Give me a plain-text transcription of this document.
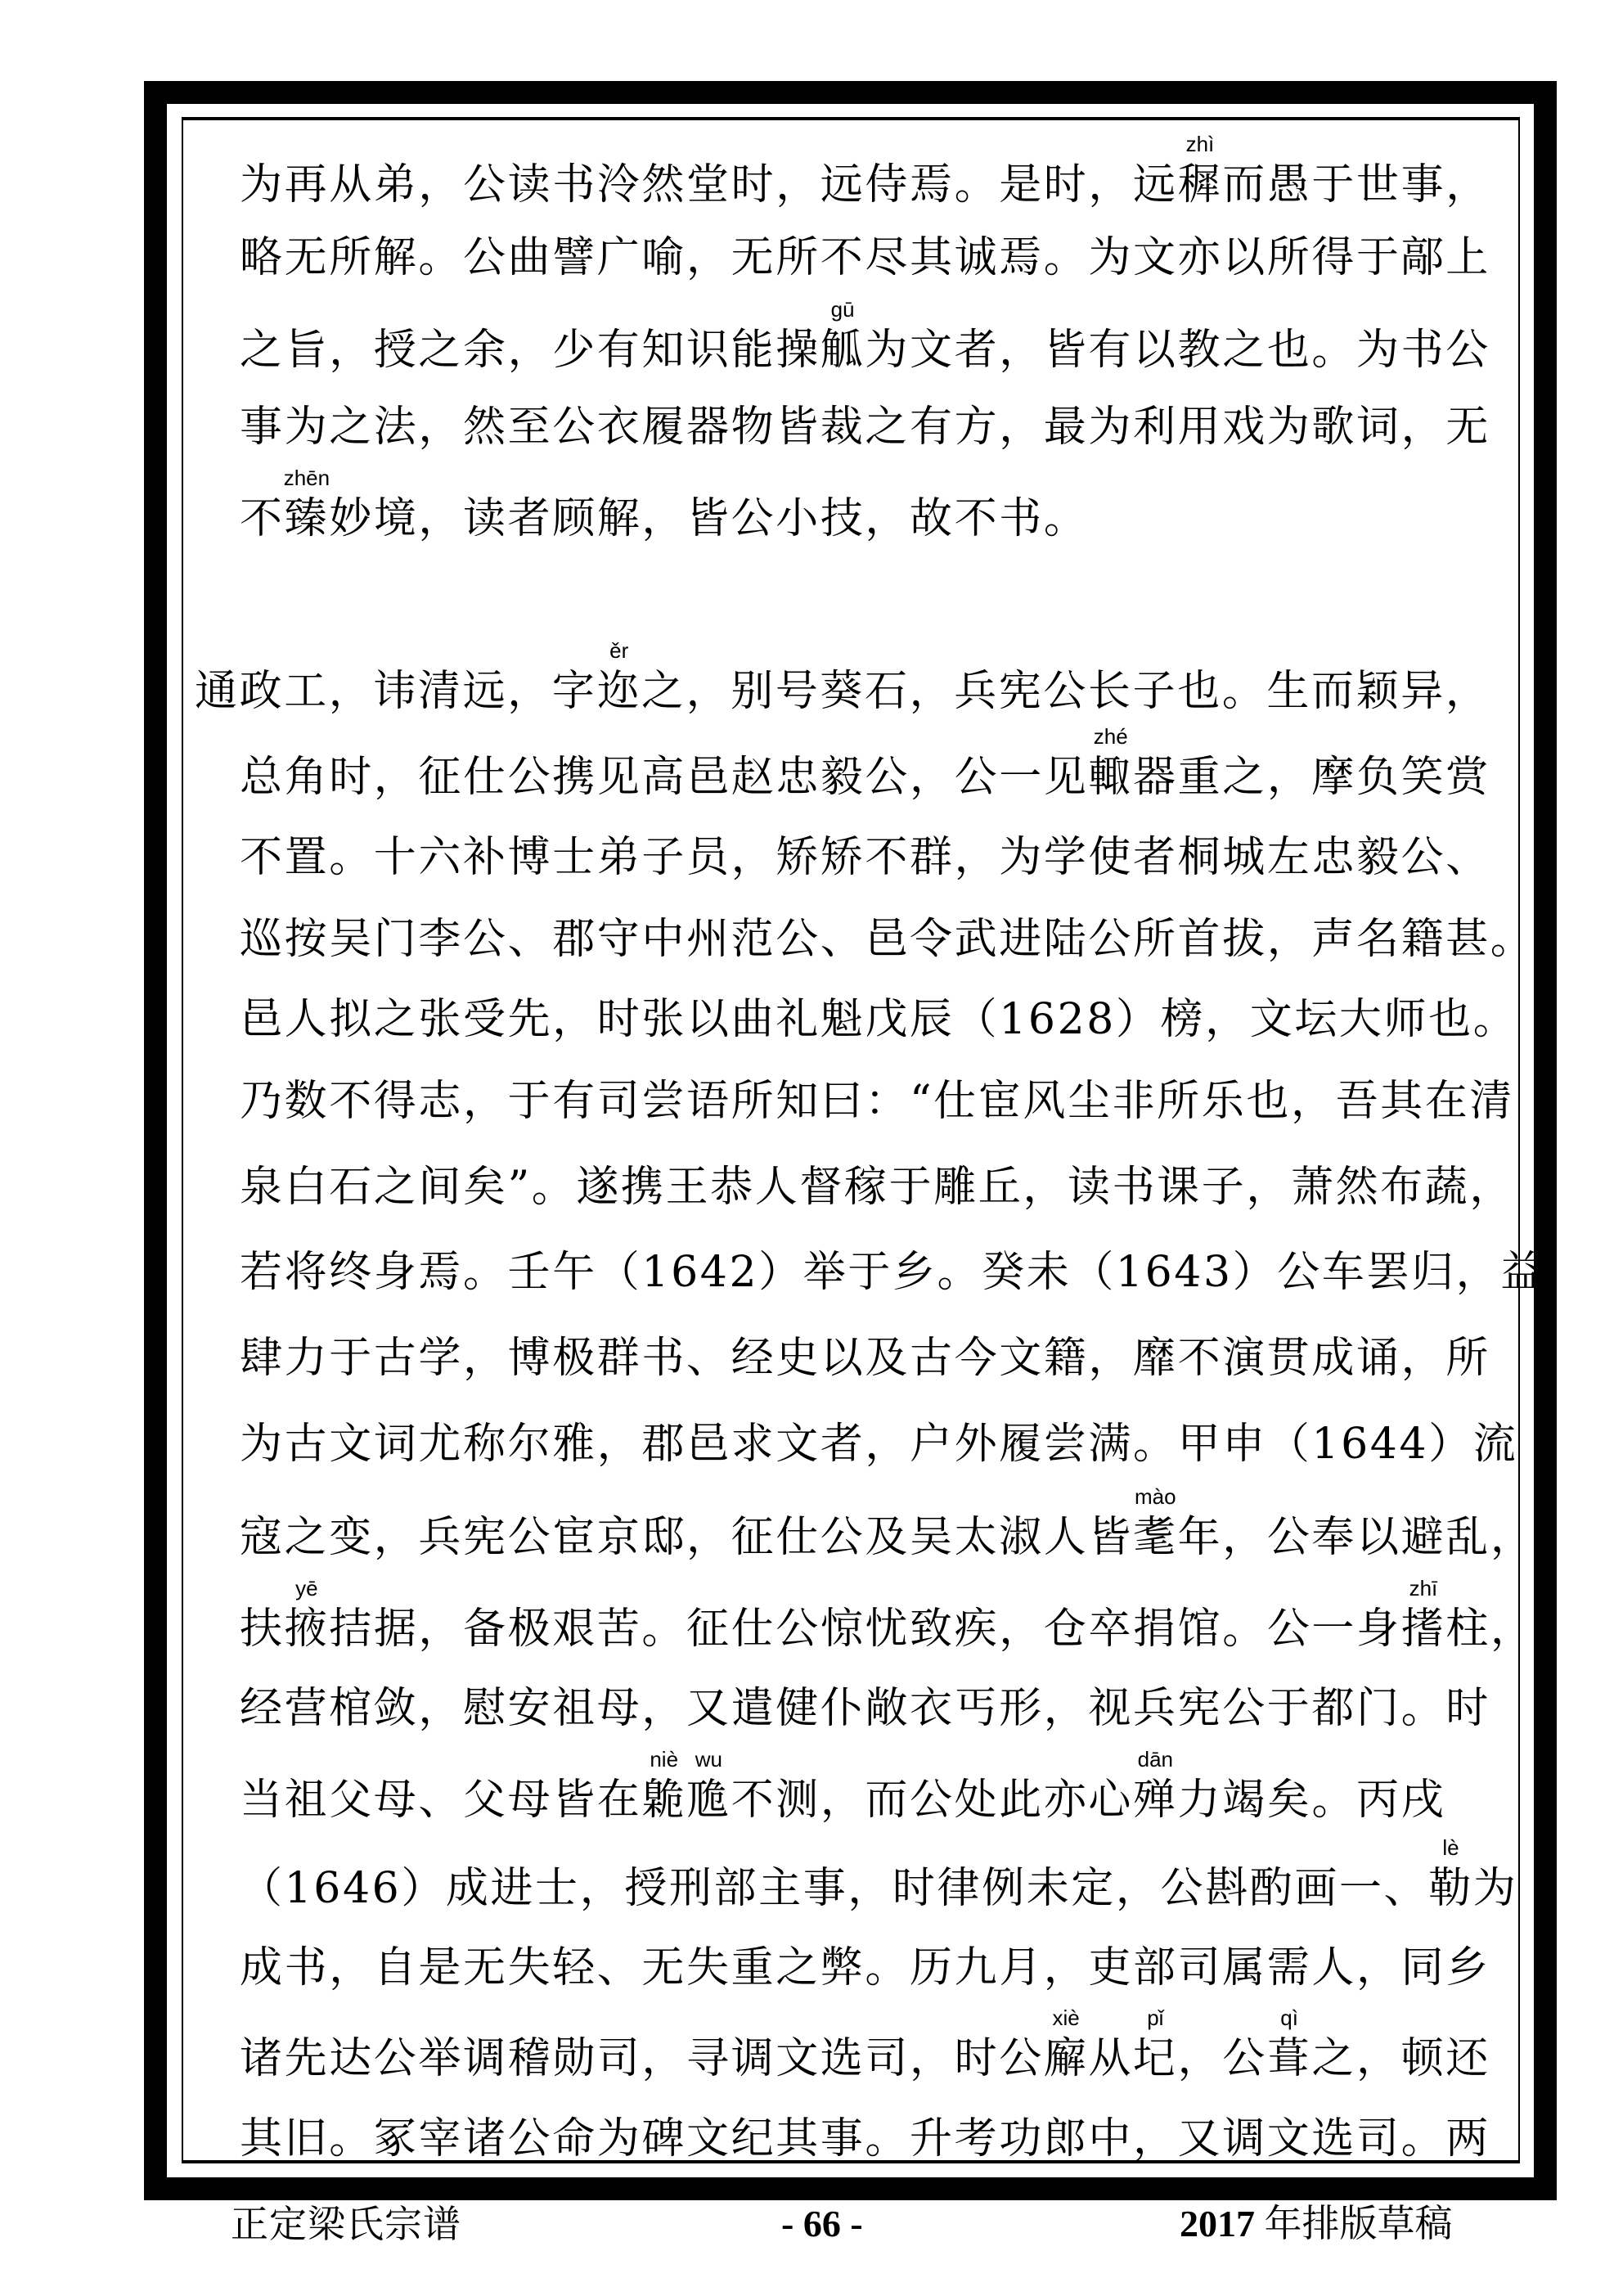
为再从弟，公读书泠然堂时，远侍焉。是时，远
zhì
穉而愚于世事，
略无所解。公曲譬广喻，无所不尽其诚焉。为文亦以所得于鄗上
之旨，授之余，少有知识能操
gū
觚为文者，皆有以教之也。为书公
事为之法，然至公衣履器物皆裁之有方，最为利用戏为歌词，无
不
zhēn
臻妙境，读者顾解，皆公小技，故不书。
通政工，讳清远，字
ěr
迩之，别号葵石，兵宪公长子也。生而颖异，
总角时，征仕公携见高邑赵忠毅公，公一见
zhé
輙器重之，摩负笑赏
不置。十六补博士弟子员，矫矫不群，为学使者桐城左忠毅公、
巡按吴门李公、郡守中州范公、邑令武进陆公所首拔，声名籍甚。
邑人拟之张受先，时张以曲礼魁戊辰（1628）榜，文坛大师也。
乃数不得志，于有司尝语所知曰：“仕宦风尘非所乐也，吾其在清
泉白石之间矣”。遂携王恭人督稼于雕丘，读书课子，萧然布蔬，
若将终身焉。壬午（1642）举于乡。癸未（1643）公车罢归，益
肆力于古学，博极群书、经史以及古今文籍，靡不演贯成诵，所
为古文词尤称尔雅，郡邑求文者，户外履尝满。甲申（1644）流
寇之变，兵宪公宦京邸，征仕公及吴太淑人皆
mào
耄年，公奉以避乱，
扶
yē
掖拮据，备极艰苦。征仕公惊忧致疾，仓卒捐馆。公一身
zhī
搘柱，
经营棺敛，慰安祖母，又遣健仆敞衣丐形，视兵宪公于都门。时
当祖父母、父母皆在
niè
臲
wu
卼不测，而公处此亦心
dān
殚力竭矣。丙戌
（1646）成进士，授刑部主事，时律例未定，公斟酌画一、
lè
勒为
成书，自是无失轻、无失重之弊。历九月，吏部司属需人，同乡
诸先达公举调稽勋司，寻调文选司，时公
xiè
廨从
pǐ
圮，公
qì
葺之，顿还
其旧。冢宰诸公命为碑文纪其事。升考功郎中，又调文选司。两
正定梁氏宗谱	- 66 -	2017 年排版草稿
